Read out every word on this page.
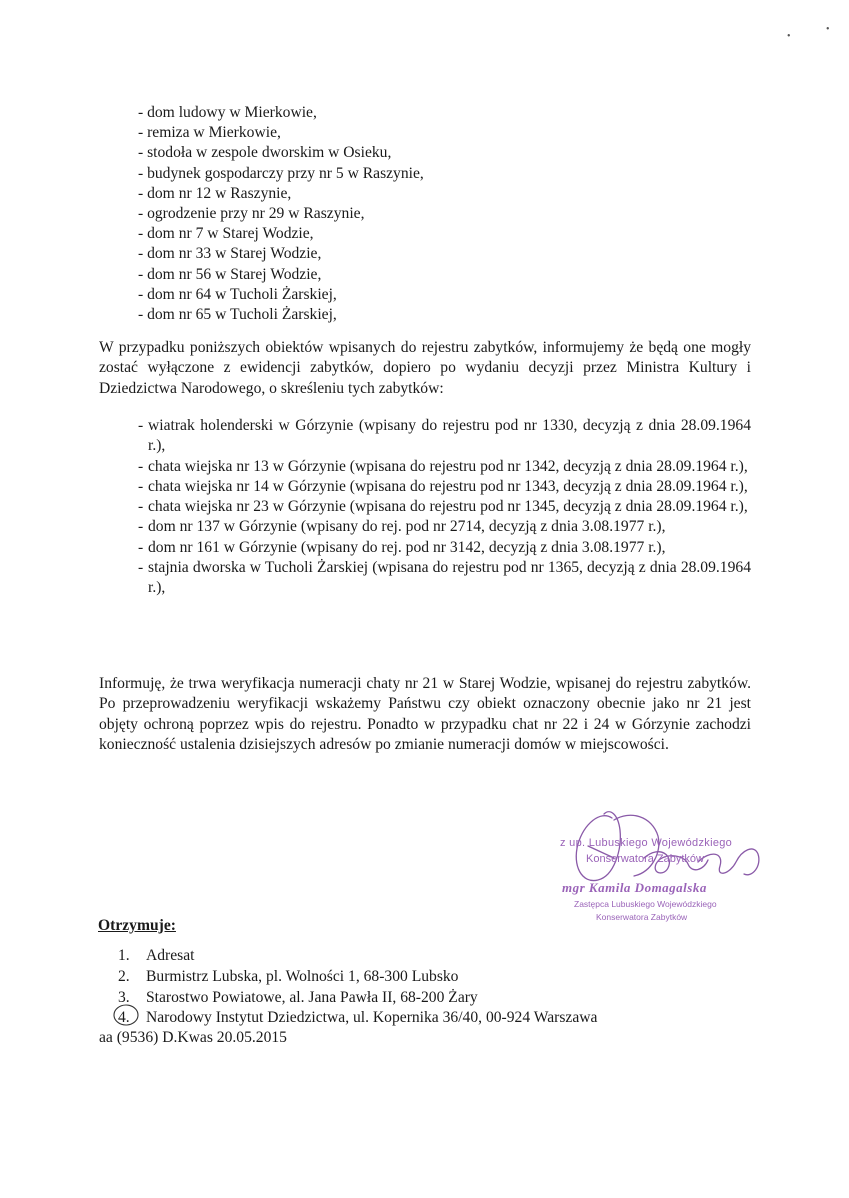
•
•
- dom ludowy w Mierkowie,
- remiza w Mierkowie,
- stodoła w zespole dworskim w Osieku,
- budynek gospodarczy przy nr 5 w Raszynie,
- dom nr 12 w Raszynie,
- ogrodzenie przy nr 29 w Raszynie,
- dom nr 7 w Starej Wodzie,
- dom nr 33 w Starej Wodzie,
- dom nr 56 w Starej Wodzie,
- dom nr 64 w Tucholi Żarskiej,
- dom nr 65 w Tucholi Żarskiej,
W przypadku poniższych obiektów wpisanych do rejestru zabytków, informujemy że będą one mogły zostać wyłączone z ewidencji zabytków, dopiero po wydaniu decyzji przez Ministra Kultury i Dziedzictwa Narodowego, o skreśleniu tych zabytków:
- wiatrak holenderski w Górzynie (wpisany do rejestru pod nr 1330, decyzją z dnia 28.09.1964 r.),
- chata wiejska nr 13 w Górzynie (wpisana do rejestru pod nr 1342, decyzją z dnia 28.09.1964 r.),
- chata wiejska nr 14 w Górzynie (wpisana do rejestru pod nr 1343, decyzją z dnia 28.09.1964 r.),
- chata wiejska nr 23 w Górzynie (wpisana do rejestru pod nr 1345, decyzją z dnia 28.09.1964 r.),
- dom nr 137 w Górzynie (wpisany do rej. pod nr 2714, decyzją z dnia 3.08.1977 r.),
- dom nr 161 w Górzynie (wpisany do rej. pod nr 3142, decyzją z dnia 3.08.1977 r.),
- stajnia dworska w Tucholi Żarskiej (wpisana do rejestru pod nr 1365, decyzją z dnia 28.09.1964 r.),
Informuję, że trwa weryfikacja numeracji chaty nr 21 w Starej Wodzie, wpisanej do rejestru zabytków. Po przeprowadzeniu weryfikacji wskażemy Państwu czy obiekt oznaczony obecnie jako nr 21 jest objęty ochroną poprzez wpis do rejestru. Ponadto w przypadku chat nr 22 i 24 w Górzynie zachodzi konieczność ustalenia dzisiejszych adresów po zmianie numeracji domów w miejscowości.
z up. Lubuskiego Wojewódzkiego
Konserwatora Zabytków
mgr Kamila Domagalska
Zastępca Lubuskiego Wojewódzkiego
Konserwatora Zabytków
Otrzymuje:
1. Adresat
2. Burmistrz Lubska, pl. Wolności 1, 68-300 Lubsko
3. Starostwo Powiatowe, al. Jana Pawła II, 68-200 Żary
4. Narodowy Instytut Dziedzictwa, ul. Kopernika 36/40, 00-924 Warszawa
aa (9536) D.Kwas 20.05.2015
